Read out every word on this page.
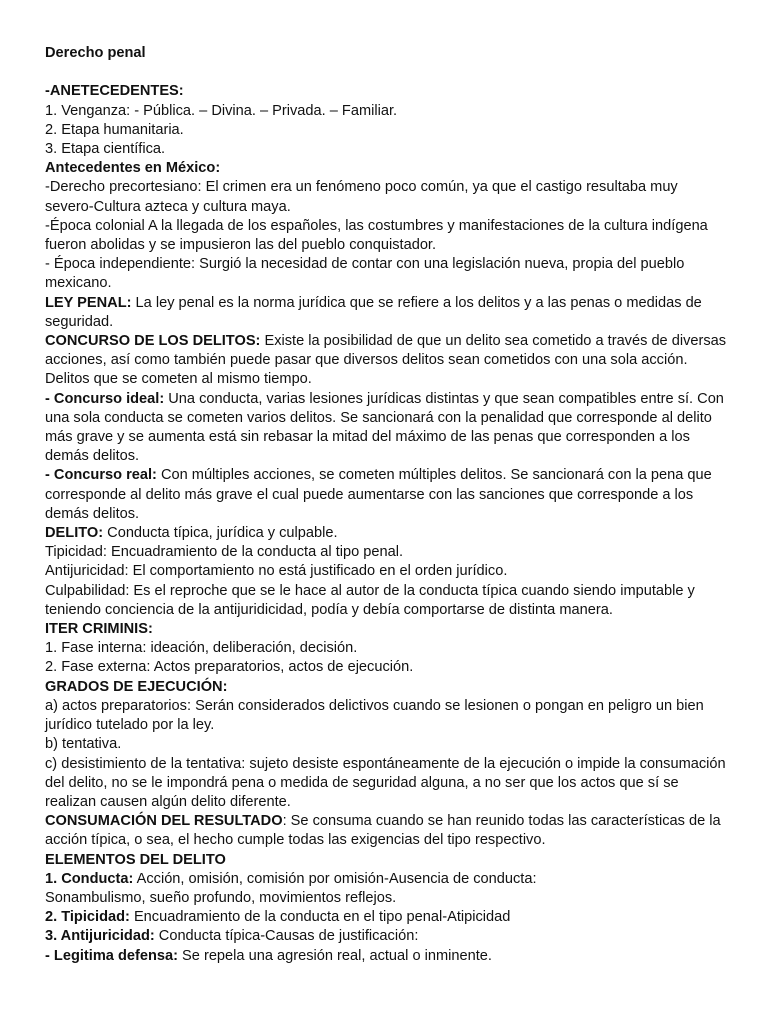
Derecho penal

-ANETECEDENTES:

1. Venganza: - Pública. – Divina. – Privada. – Familiar.

2. Etapa humanitaria.

3. Etapa científica.

Antecedentes en México:

-Derecho precortesiano: El crimen era un fenómeno poco común, ya que el castigo resultaba muy severo-Cultura azteca y cultura maya.

-Época colonial A la llegada de los españoles, las costumbres y manifestaciones de la cultura indígena fueron abolidas y se impusieron las del pueblo conquistador.

- Época independiente: Surgió la necesidad de contar con una legislación nueva, propia del pueblo mexicano.

LEY PENAL: La ley penal es la norma jurídica que se refiere a los delitos y a las penas o medidas de seguridad.

CONCURSO DE LOS DELITOS: Existe la posibilidad de que un delito sea cometido a través de diversas acciones, así como también puede pasar que diversos delitos sean cometidos con una sola acción. Delitos que se cometen al mismo tiempo.

- Concurso ideal: Una conducta, varias lesiones jurídicas distintas y que sean compatibles entre sí. Con una sola conducta se cometen varios delitos. Se sancionará con la penalidad que corresponde al delito más grave y se aumenta está sin rebasar la mitad del máximo de las penas que corresponden a los demás delitos.

- Concurso real: Con múltiples acciones, se cometen múltiples delitos. Se sancionará con la pena que corresponde al delito más grave el cual puede aumentarse con las sanciones que corresponde a los demás delitos.

DELITO: Conducta típica, jurídica y culpable.

Tipicidad: Encuadramiento de la conducta al tipo penal.

Antijuricidad: El comportamiento no está justificado en el orden jurídico.

Culpabilidad: Es el reproche que se le hace al autor de la conducta típica cuando siendo imputable y teniendo conciencia de la antijuridicidad, podía y debía comportarse de distinta manera.

ITER CRIMINIS:

1. Fase interna: ideación, deliberación, decisión.

2. Fase externa: Actos preparatorios, actos de ejecución.

GRADOS DE EJECUCIÓN:

a) actos preparatorios: Serán considerados delictivos cuando se lesionen o pongan en peligro un bien jurídico tutelado por la ley.

b) tentativa.

c) desistimiento de la tentativa: sujeto desiste espontáneamente de la ejecución o impide la consumación del delito, no se le impondrá pena o medida de seguridad alguna, a no ser que los actos que sí se realizan causen algún delito diferente.

CONSUMACIÓN DEL RESULTADO: Se consuma cuando se han reunido todas las características de la acción típica, o sea, el hecho cumple todas las exigencias del tipo respectivo.

ELEMENTOS DEL DELITO

1. Conducta: Acción, omisión, comisión por omisión-Ausencia de conducta:

Sonambulismo, sueño profundo, movimientos reflejos.

2. Tipicidad: Encuadramiento de la conducta en el tipo penal-Atipicidad

3. Antijuricidad: Conducta típica-Causas de justificación:

- Legitima defensa: Se repela una agresión real, actual o inminente.
